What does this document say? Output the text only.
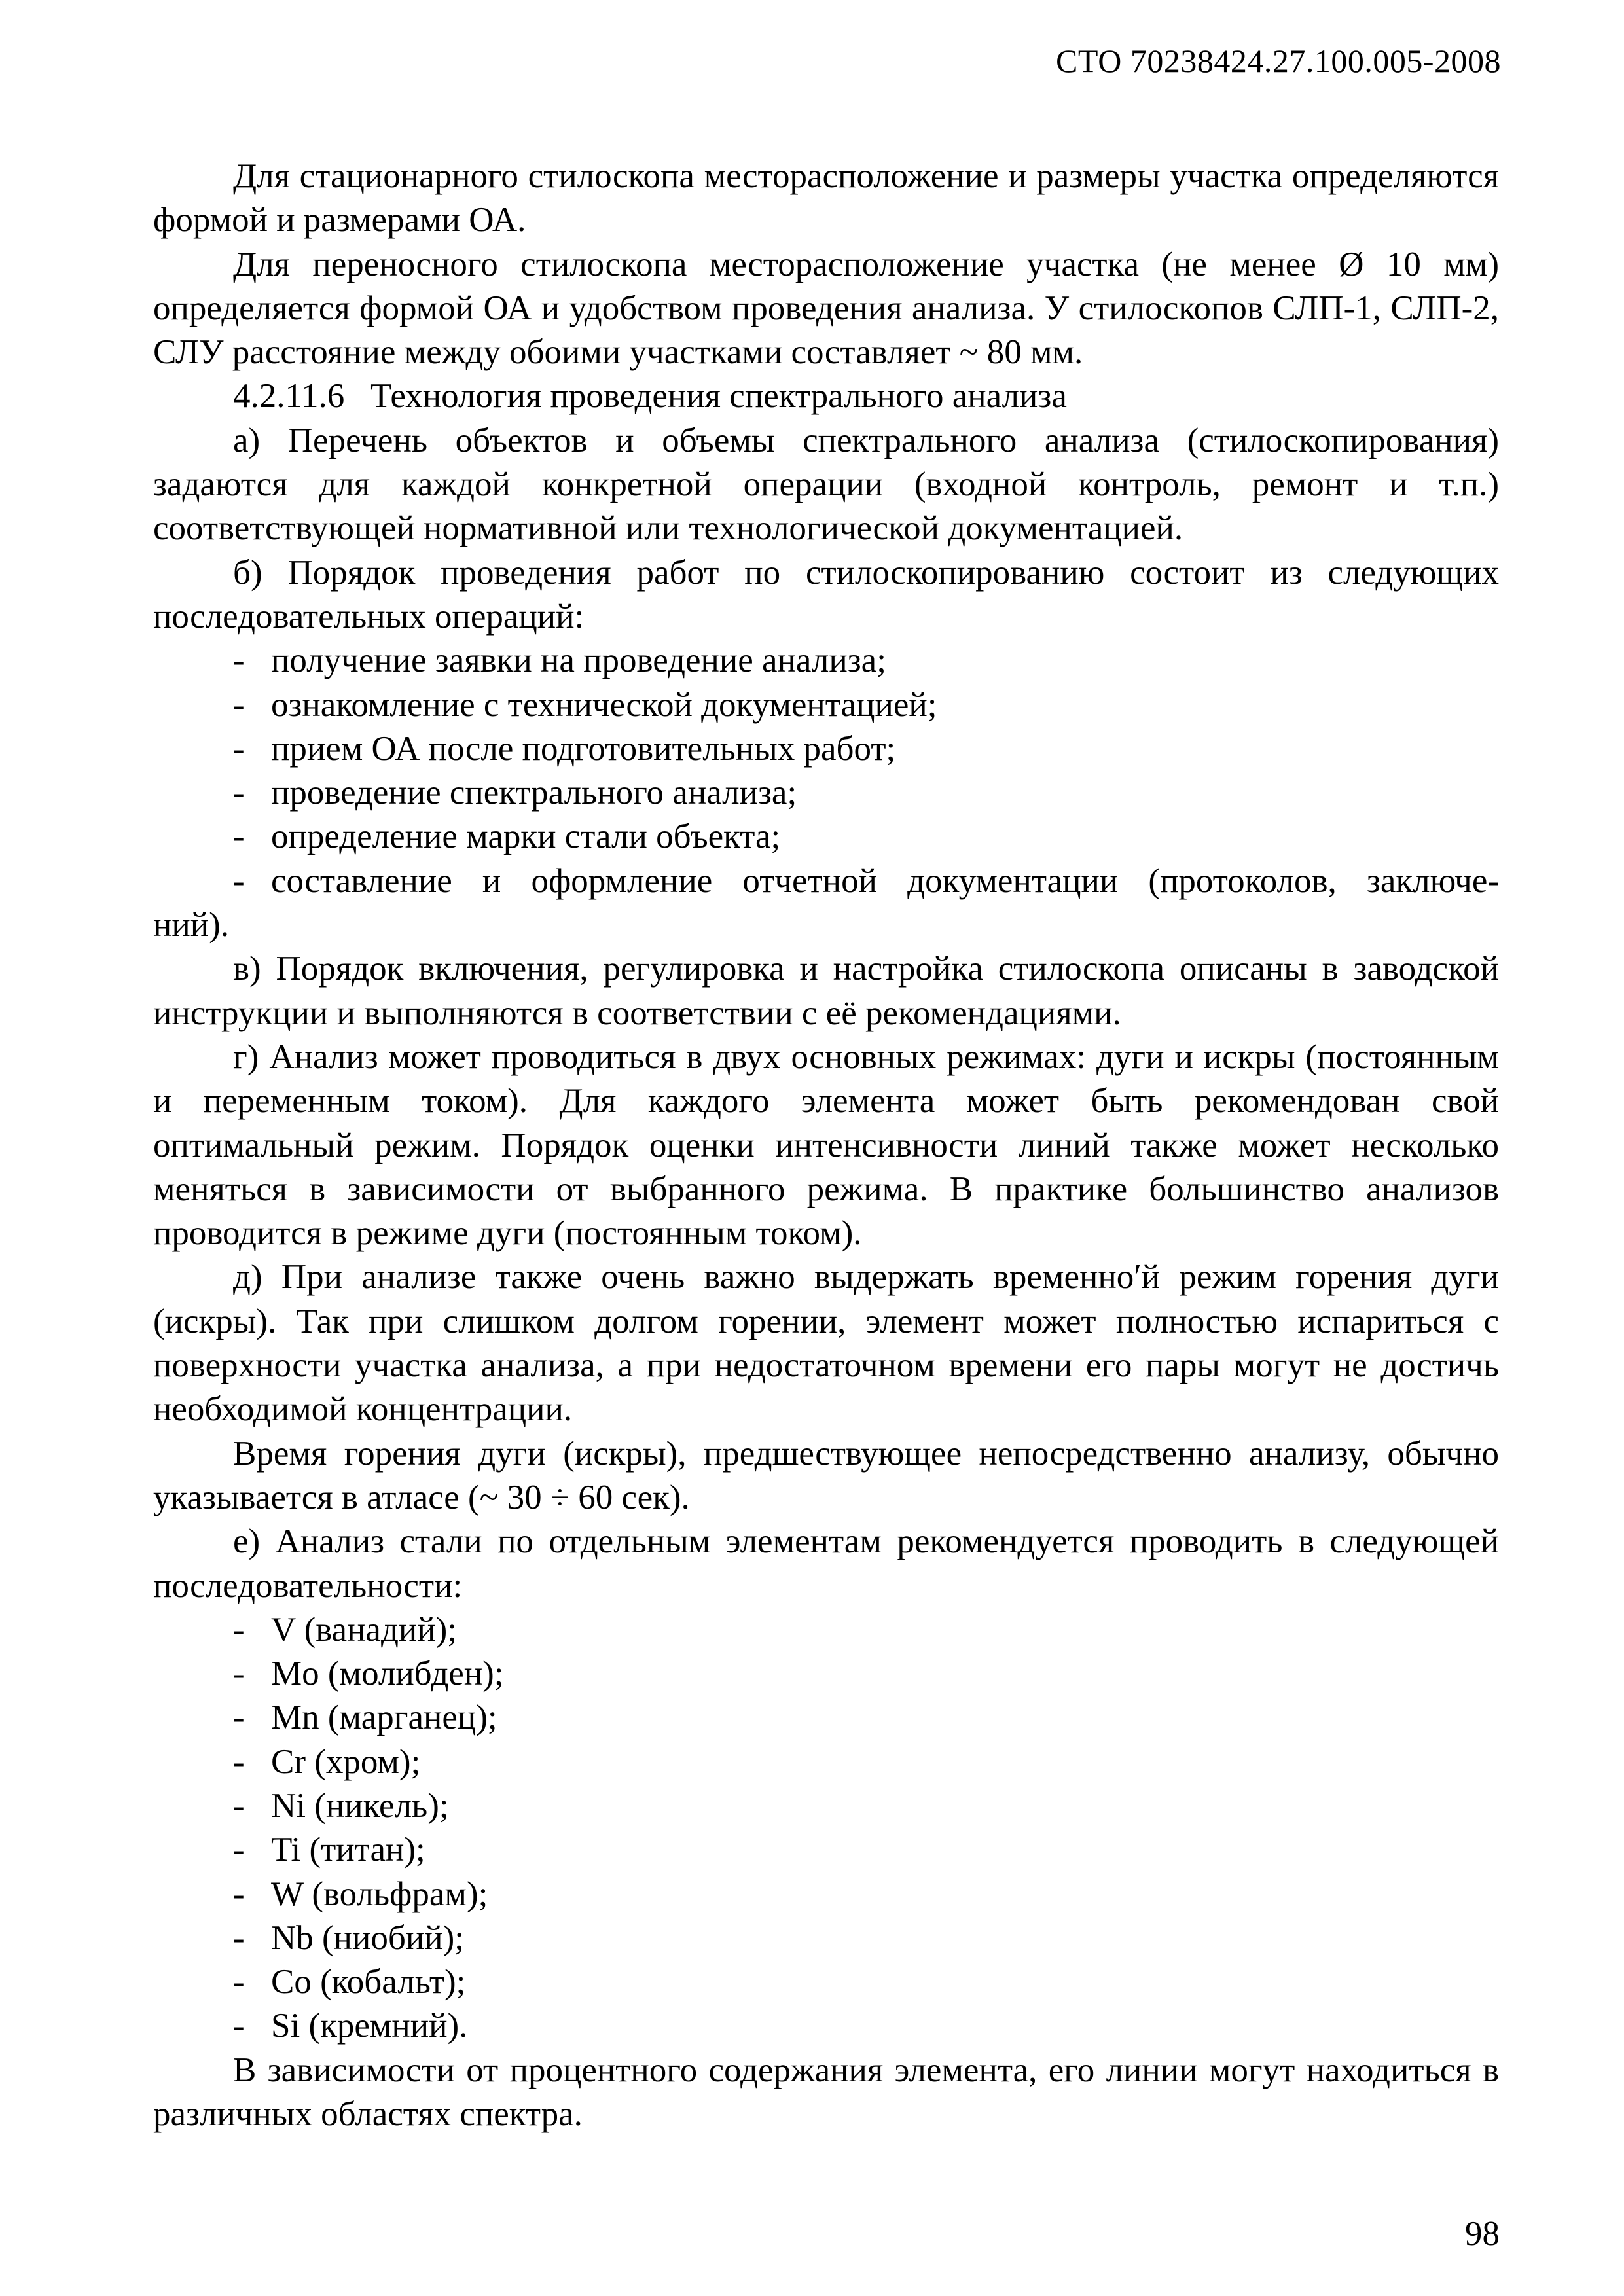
СТО 70238424.27.100.005-2008

Для стационарного стилоскопа месторасположение и размеры участка определяются формой и размерами ОА.

Для переносного стилоскопа месторасположение участка (не менее Ø 10 мм) определяется формой ОА и удобством проведения анализа. У стилоскопов СЛП-1, СЛП-2, СЛУ расстояние между обоими участками составляет ~ 80 мм.

4.2.11.6   Технология проведения спектрального анализа

а) Перечень объектов и объемы спектрального анализа (стилоскопирования) задаются для каждой конкретной операции (входной контроль, ремонт и т.п.) соответствующей нормативной или технологической документацией.

б) Порядок проведения работ по стилоскопированию состоит из следующих последовательных операций:

- получение заявки на проведение анализа;
- ознакомление с технической документацией;
- прием ОА после подготовительных работ;
- проведение спектрального анализа;
- определение марки стали объекта;
- составление и оформление отчетной документации (протоколов, заключе-

ний).

в) Порядок включения, регулировка и настройка стилоскопа описаны в заводской инструкции и выполняются в соответствии с её рекомендациями.

г) Анализ может проводиться в двух основных режимах: дуги и искры (постоянным и переменным током). Для каждого элемента может быть рекомендован свой оптимальный режим. Порядок оценки интенсивности линий также может несколько меняться в зависимости от выбранного режима. В практике большинство анализов проводится в режиме дуги (постоянным током).

д) При анализе также очень важно выдержать временно′й режим горения дуги (искры). Так при слишком долгом горении, элемент может полностью испариться с поверхности участка анализа, а при недостаточном времени его пары могут не достичь необходимой концентрации.

Время горения дуги (искры), предшествующее непосредственно анализу, обычно указывается в атласе (~ 30 ÷ 60 сек).

е) Анализ стали по отдельным элементам рекомендуется проводить в следующей последовательности:

- V (ванадий);
- Mo (молибден);
- Mn (марганец);
- Cr (хром);
- Ni (никель);
- Ti (титан);
- W (вольфрам);
- Nb (ниобий);
- Co (кобальт);
- Si (кремний).

В зависимости от процентного содержания элемента, его линии могут находиться в различных областях спектра.

98
